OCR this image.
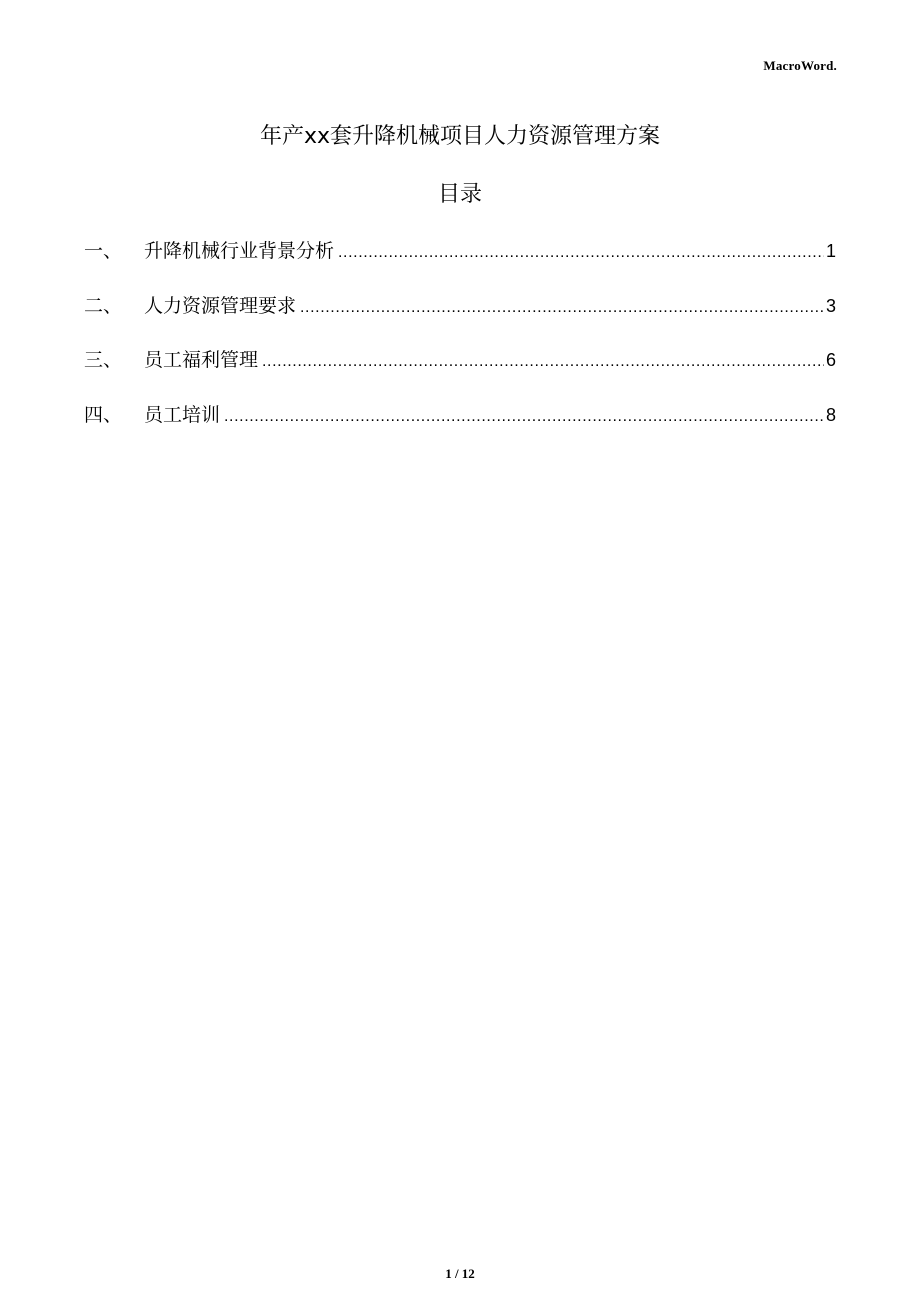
MacroWord.
年产xx套升降机械项目人力资源管理方案
目录
一、	升降机械行业背景分析 .....	1
二、	人力资源管理要求 .....	3
三、	员工福利管理 .....	6
四、	员工培训 .....	8
1 / 12
